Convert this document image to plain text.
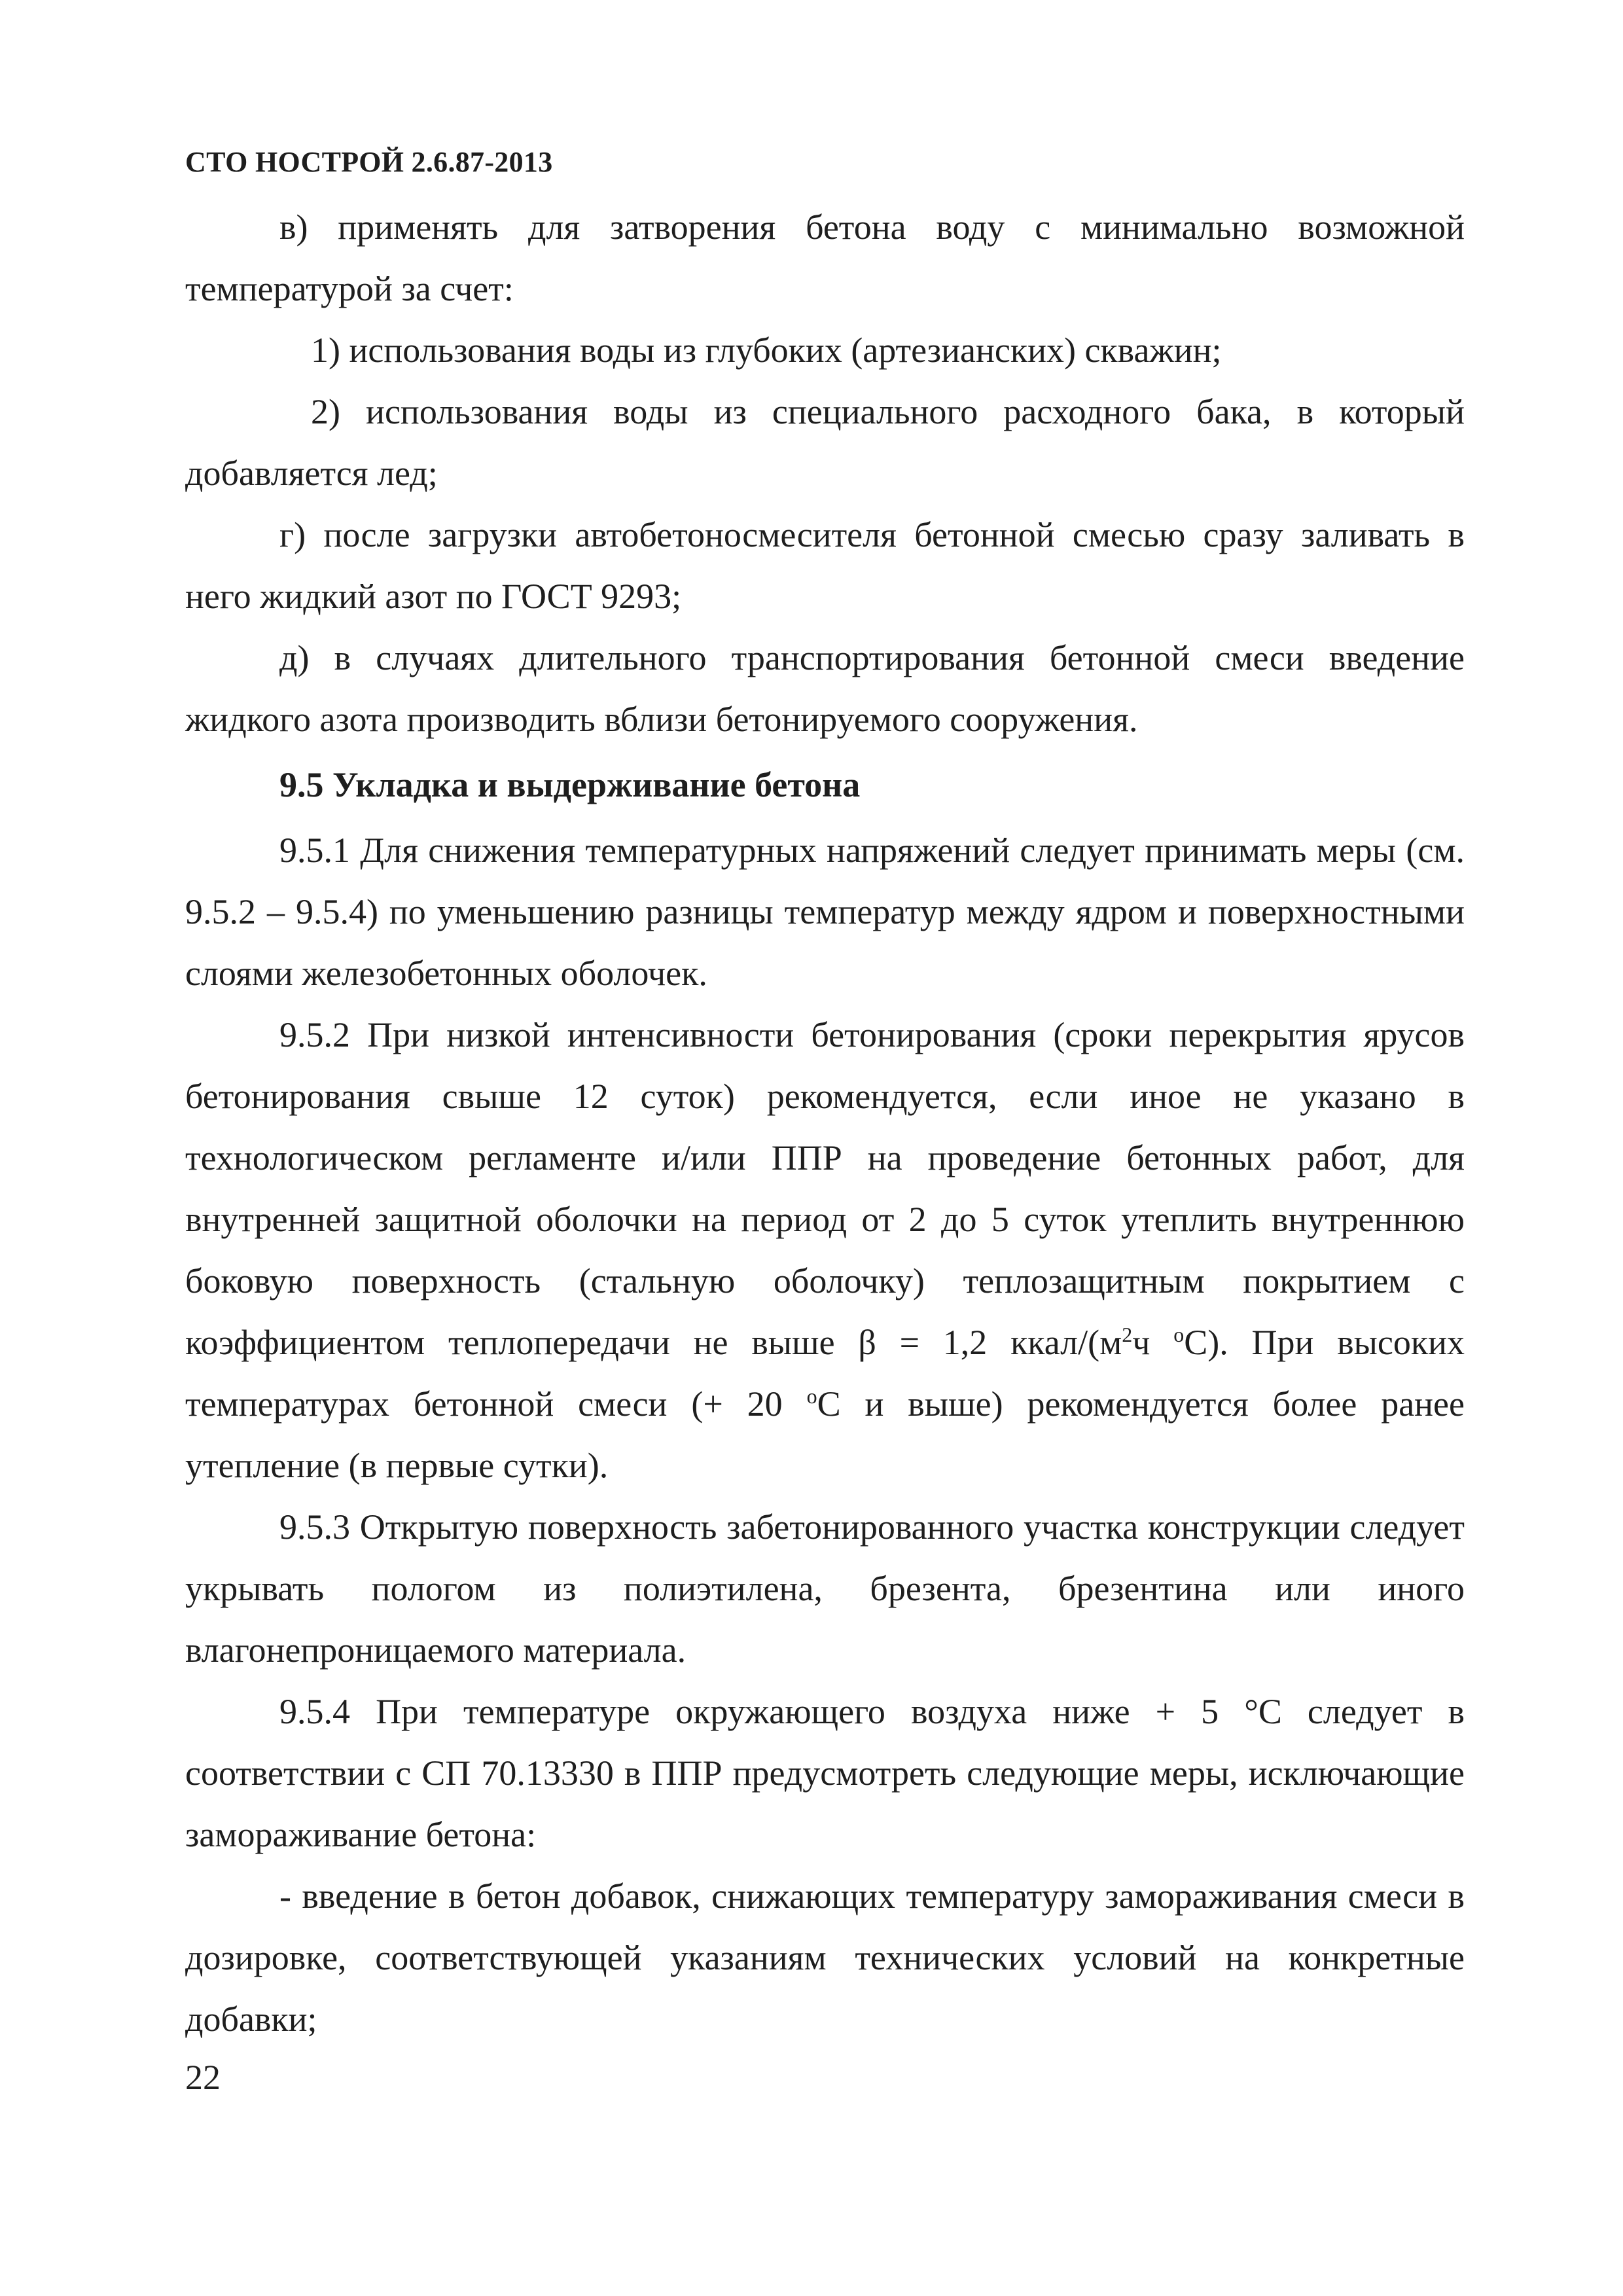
СТО НОСТРОЙ 2.6.87-2013

в) применять для затворения бетона воду с минимально возможной температурой за счет:

1) использования воды из глубоких (артезианских) скважин;

2) использования воды из специального расходного бака, в который добавляется лед;

г) после загрузки автобетоносмесителя бетонной смесью сразу заливать в него жидкий азот по ГОСТ 9293;

д) в случаях длительного транспортирования бетонной смеси введение жидкого азота производить вблизи бетонируемого сооружения.

9.5 Укладка и выдерживание бетона

9.5.1 Для снижения температурных напряжений следует принимать меры (см. 9.5.2 – 9.5.4) по уменьшению разницы температур между ядром и поверхностными слоями железобетонных оболочек.

9.5.2 При низкой интенсивности бетонирования (сроки перекрытия ярусов бетонирования свыше 12 суток) рекомендуется, если иное не указано в технологическом регламенте и/или ППР на проведение бетонных работ, для внутренней защитной оболочки на период от 2 до 5 суток утеплить внутреннюю боковую поверхность (стальную оболочку) теплозащитным покрытием с коэффициентом теплопередачи не выше β = 1,2 ккал/($м^2ч$ $^o$С). При высоких температурах бетонной смеси (+ 20 $^o$С и выше) рекомендуется более ранее утепление (в первые сутки).

9.5.3 Открытую поверхность забетонированного участка конструкции следует укрывать пологом из полиэтилена, брезента, брезентина или иного влагонепроницаемого материала.

9.5.4 При температуре окружающего воздуха ниже + 5 °С следует в соответствии с СП 70.13330 в ППР предусмотреть следующие меры, исключающие замораживание бетона:

- введение в бетон добавок, снижающих температуру замораживания смеси в дозировке, соответствующей указаниям технических условий на конкретные добавки;

22
